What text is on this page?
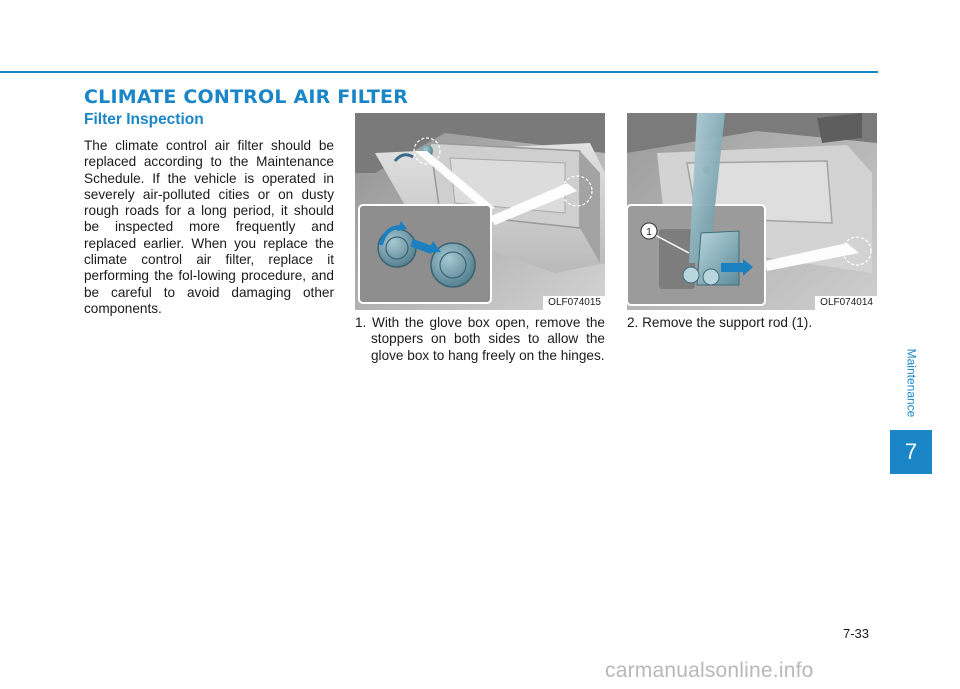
CLIMATE CONTROL AIR FILTER
Filter Inspection

The climate control air filter should be replaced according to the Maintenance Schedule. If the vehicle is operated in severely air-polluted cities or on dusty rough roads for a long period, it should be inspected more frequently and replaced earlier. When you replace the climate control air filter, replace it performing the fol-lowing procedure, and be careful to avoid damaging other components.	OLF074015
1
OLF074014

1. With the glove box open, remove the stoppers on both sides to allow the glove box to hang freely on the hinges.

2. Remove the support rod (1).

Maintenance
7
7-33
carmanualsonline.info
